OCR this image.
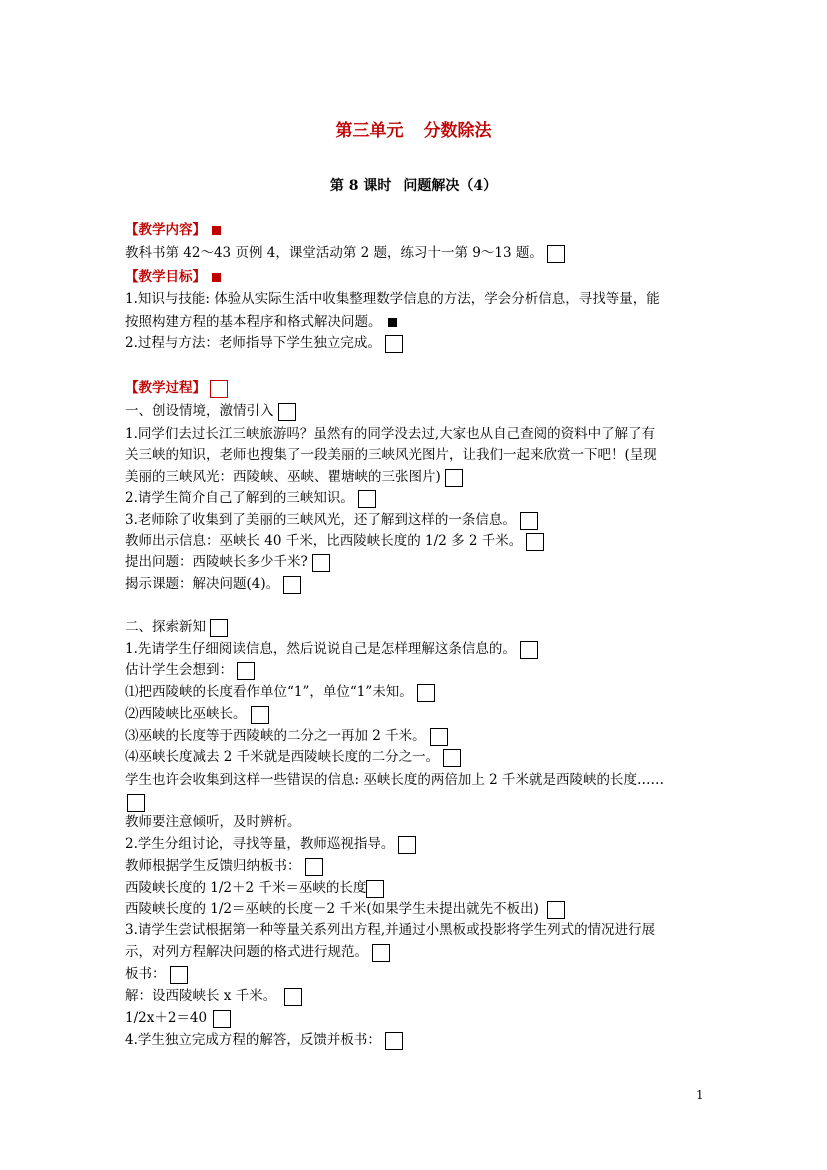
第三单元 分数除法
第 8 课时 问题解决（4）
【教学内容】
教科书第 42～43 页例 4，课堂活动第 2 题，练习十一第 9～13 题。
【教学目标】
1.知识与技能: 体验从实际生活中收集整理数学信息的方法，学会分析信息，寻找等量，能
按照构建方程的基本程序和格式解决问题。
2.过程与方法：老师指导下学生独立完成。
【教学过程】
一、创设情境，激情引入
1.同学们去过长江三峡旅游吗？虽然有的同学没去过,大家也从自己查阅的资料中了解了有
关三峡的知识，老师也搜集了一段美丽的三峡风光图片，让我们一起来欣赏一下吧！(呈现
美丽的三峡风光：西陵峡、巫峡、瞿塘峡的三张图片)
2.请学生简介自己了解到的三峡知识。
3.老师除了收集到了美丽的三峡风光，还了解到这样的一条信息。
教师出示信息：巫峡长 40 千米，比西陵峡长度的 1/2 多 2 千米。
提出问题：西陵峡长多少千米?
揭示课题：解决问题(4)。
二、探索新知
1.先请学生仔细阅读信息，然后说说自己是怎样理解这条信息的。
估计学生会想到：
⑴把西陵峡的长度看作单位“1”，单位“1”未知。
⑵西陵峡比巫峡长。
⑶巫峡的长度等于西陵峡的二分之一再加 2 千米。
⑷巫峡长度减去 2 千米就是西陵峡长度的二分之一。
学生也许会收集到这样一些错误的信息: 巫峡长度的两倍加上 2 千米就是西陵峡的长度……
教师要注意倾听，及时辨析。
2.学生分组讨论，寻找等量，教师巡视指导。
教师根据学生反馈归纳板书：
西陵峡长度的 1/2＋2 千米＝巫峡的长度
西陵峡长度的 1/2＝巫峡的长度－2 千米(如果学生未提出就先不板出)
3.请学生尝试根据第一种等量关系列出方程,并通过小黑板或投影将学生列式的情况进行展
示，对列方程解决问题的格式进行规范。
板书：
解：设西陵峡长 x 千米。
1/2x＋2＝40
4.学生独立完成方程的解答，反馈并板书：
1
